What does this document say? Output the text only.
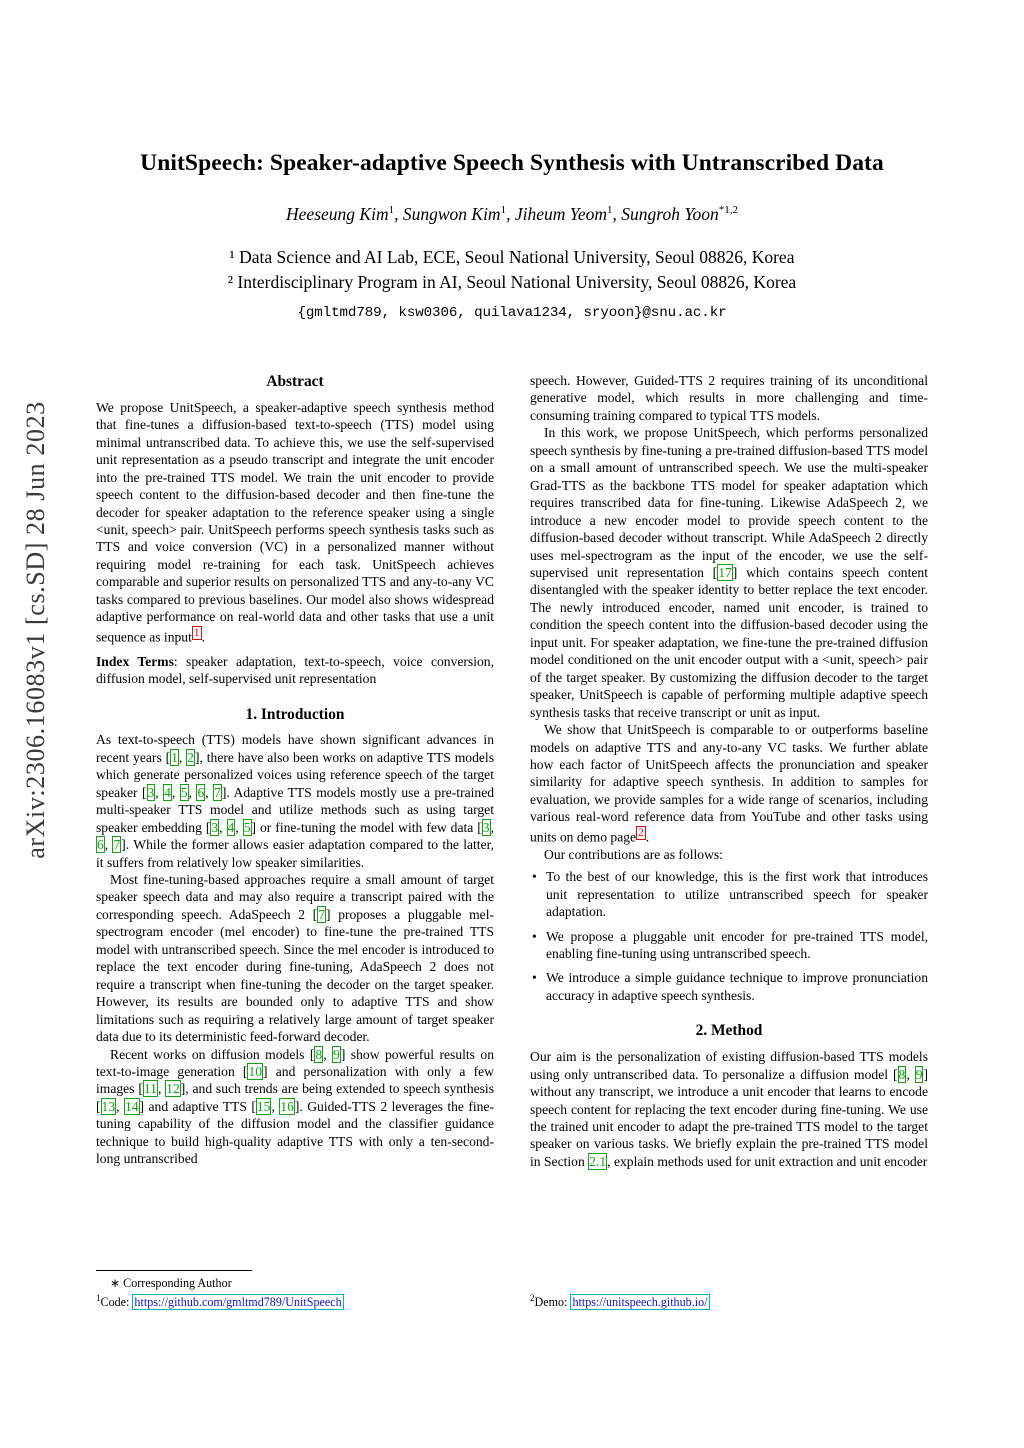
arXiv:2306.16083v1 [cs.SD] 28 Jun 2023
UnitSpeech: Speaker-adaptive Speech Synthesis with Untranscribed Data
Heeseung Kim$^1$, Sungwon Kim$^1$, Jiheum Yeom$^1$, Sungroh Yoon$^{*1,2}$
¹ Data Science and AI Lab, ECE, Seoul National University, Seoul 08826, Korea
² Interdisciplinary Program in AI, Seoul National University, Seoul 08826, Korea
{gmltmd789, ksw0306, quilava1234, sryoon}@snu.ac.kr
Abstract

We propose UnitSpeech, a speaker-adaptive speech synthesis method that fine-tunes a diffusion-based text-to-speech (TTS) model using minimal untranscribed data. To achieve this, we use the self-supervised unit representation as a pseudo transcript and integrate the unit encoder into the pre-trained TTS model. We train the unit encoder to provide speech content to the diffusion-based decoder and then fine-tune the decoder for speaker adaptation to the reference speaker using a single <unit, speech> pair. UnitSpeech performs speech synthesis tasks such as TTS and voice conversion (VC) in a personalized manner without requiring model re-training for each task. UnitSpeech achieves comparable and superior results on personalized TTS and any-to-any VC tasks compared to previous baselines. Our model also shows widespread adaptive performance on real-world data and other tasks that use a unit sequence as input $^1$ .

Index Terms: speaker adaptation, text-to-speech, voice conversion, diffusion model, self-supervised unit representation

1. Introduction

As text-to-speech (TTS) models have shown significant advances in recent years [1, 2], there have also been works on adaptive TTS models which generate personalized voices using reference speech of the target speaker [3, 4, 5, 6, 7]. Adaptive TTS models mostly use a pre-trained multi-speaker TTS model and utilize methods such as using target speaker embedding [3, 4, 5] or fine-tuning the model with few data [3, 6, 7]. While the former allows easier adaptation compared to the latter, it suffers from relatively low speaker similarities.

Most fine-tuning-based approaches require a small amount of target speaker speech data and may also require a transcript paired with the corresponding speech. AdaSpeech 2 [7] proposes a pluggable mel-spectrogram encoder (mel encoder) to fine-tune the pre-trained TTS model with untranscribed speech. Since the mel encoder is introduced to replace the text encoder during fine-tuning, AdaSpeech 2 does not require a transcript when fine-tuning the decoder on the target speaker. However, its results are bounded only to adaptive TTS and show limitations such as requiring a relatively large amount of target speaker data due to its deterministic feed-forward decoder.

Recent works on diffusion models [8, 9] show powerful results on text-to-image generation [10] and personalization with only a few images [11, 12], and such trends are being extended to speech synthesis [13, 14] and adaptive TTS [15, 16]. Guided-TTS 2 leverages the fine-tuning capability of the diffusion model and the classifier guidance technique to build high-quality adaptive TTS with only a ten-second-long untranscribed

speech. However, Guided-TTS 2 requires training of its unconditional generative model, which results in more challenging and time-consuming training compared to typical TTS models.

In this work, we propose UnitSpeech, which performs personalized speech synthesis by fine-tuning a pre-trained diffusion-based TTS model on a small amount of untranscribed speech. We use the multi-speaker Grad-TTS as the backbone TTS model for speaker adaptation which requires transcribed data for fine-tuning. Likewise AdaSpeech 2, we introduce a new encoder model to provide speech content to the diffusion-based decoder without transcript. While AdaSpeech 2 directly uses mel-spectrogram as the input of the encoder, we use the self-supervised unit representation [17] which contains speech content disentangled with the speaker identity to better replace the text encoder. The newly introduced encoder, named unit encoder, is trained to condition the speech content into the diffusion-based decoder using the input unit. For speaker adaptation, we fine-tune the pre-trained diffusion model conditioned on the unit encoder output with a <unit, speech> pair of the target speaker. By customizing the diffusion decoder to the target speaker, UnitSpeech is capable of performing multiple adaptive speech synthesis tasks that receive transcript or unit as input.

We show that UnitSpeech is comparable to or outperforms baseline models on adaptive TTS and any-to-any VC tasks. We further ablate how each factor of UnitSpeech affects the pronunciation and speaker similarity for adaptive speech synthesis. In addition to samples for evaluation, we provide samples for a wide range of scenarios, including various real-word reference data from YouTube and other tasks using units on demo page $^2$ .

Our contributions are as follows:

• To the best of our knowledge, this is the first work that introduces unit representation to utilize untranscribed speech for speaker adaptation.
• We propose a pluggable unit encoder for pre-trained TTS model, enabling fine-tuning using untranscribed speech.
• We introduce a simple guidance technique to improve pronunciation accuracy in adaptive speech synthesis.
2. Method

Our aim is the personalization of existing diffusion-based TTS models using only untranscribed data. To personalize a diffusion model [8, 9] without any transcript, we introduce a unit encoder that learns to encode speech content for replacing the text encoder during fine-tuning. We use the trained unit encoder to adapt the pre-trained TTS model to the target speaker on various tasks. We briefly explain the pre-trained TTS model in Section 2.1, explain methods used for unit extraction and unit encoder

∗ Corresponding Author
$^1$Code: https://github.com/gmltmd789/UnitSpeech	$^2$Demo: https://unitspeech.github.io/
